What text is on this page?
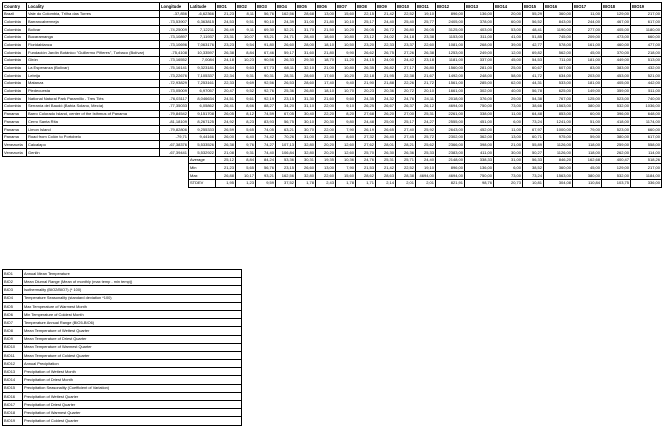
Country	Locality	Longitude	Latitude	BIO1	BIO2	BIO3	BIO4	BIO5	BIO6	BIO7	BIO8	BIO9	BIO10	BIO11	BIO12	BIO13	BIO14	BIO15	BIO16	BIO17	BIO18	BIO19
Brazil	Vale do Colombia, Trilha das Torres	-37,856	-6,62366	21,23	8,11	56,76	162,56	28,68	13,00	15,60	22,15	21,42	22,52	19,10	896,00	136,00	20,00	55,29	360,00	11,00	129,00	217,00
Colombia	Barrancabermeja	-73,53907	6,363815	24,53	9,51	90,10	24,39	31,00	21,80	10,10	25,17	24,40	25,40	25,77	2405,00	378,00	60,00	56,52	843,00	244,00	467,00	617,00
Colombia	Bolívar	-74,25009	7,12211	26,49	9,11	69,30	52,21	31,70	21,50	10,20	26,05	26,72	26,80	26,05	3125,00	403,00	53,00	48,41	1190,00	277,00	405,00	1180,00
Colombia	Bucaramanga	-73,10897	7,11937	23,31	10,07	93,21	24,71	28,40	18,60	10,80	23,12	24,02	24,18	23,38	1153,00	311,00	41,00	51,85	745,00	209,00	473,00	660,00
Colombia	Floridablanca	-73,10696	7,063176	23,23	9,54	91,80	26,60	28,00	18,10	10,50	23,20	22,33	23,37	22,60	1081,00	268,00	39,00	42,77	578,00	161,00	460,00	477,00
Colombia	Fundación Jardín Botánico "Guillermo Piñeres", Turbaco (Bolívar)	-75,4108	10,33597	26,38	8,84	67,46	59,17	31,60	21,80	9,90	26,62	26,75	27,26	26,38	1253,00	249,00	12,00	69,82	562,00	45,00	370,00	218,00
Colombia	Girón	-73,16552	7,0084	24,18	10,23	90,56	26,33	29,30	18,70	11,20	24,15	24,00	24,42	23,18	1181,00	337,00	45,00	54,53	711,00	181,00	449,00	513,00
Colombia	La Esperanza (Bolívar)	-75,16141	9,323181	26,64	9,63	67,73	68,11	32,10	21,00	10,80	26,35	26,82	27,17	26,80	1560,00	281,00	25,00	60,67	607,00	83,00	383,00	432,00
Colombia	Lebrija	-73,22676	7,105337	22,34	9,31	90,31	28,31	28,60	17,60	10,20	22,18	21,95	22,38	21,67	1492,00	248,00	58,00	41,72	634,00	203,00	453,00	521,00
Colombia	Matanza	-72,93829	7,253161	22,33	9,69	92,56	26,53	28,60	17,40	9,40	21,90	21,88	22,26	21,72	1561,00	285,00	62,00	44,31	533,00	181,00	405,00	442,00
Colombia	Piedecuesta	-73,05009	6,97057	20,47	9,52	92,76	25,36	26,80	18,10	10,70	20,23	20,36	20,72	20,10	1661,00	302,00	40,00	56,78	625,00	149,00	359,00	511,00
Colombia	National Natural Park Paramillo - Tres Tiés	-76,03117	8,046634	24,51	9,61	92,19	23,15	31,30	21,60	9,60	24,35	24,32	24,76	24,11	2018,00	376,00	29,00	54,38	767,00	125,00	523,00	740,00
Colombia	Serranía del Baudó (Bahía Solano, Mecía)	-77,35033	6,05862	26,41	8,66	88,27	34,20	31,10	22,00	9,10	26,25	26,67	26,37	26,12	4694,00	750,00	73,00	38,66	1563,00	380,00	532,00	1036,00
Panama	Barro Colorado Island, center of the Isthmus of Panama	-79,84542	9,151708	26,05	8,12	74,59	67,05	30,40	22,20	8,20	27,68	26,20	27,00	25,31	2261,00	338,00	11,00	64,48	853,00	60,00	396,00	648,00
Panama	Cerro Santa Rita	-81,18109	8,267125	24,92	8,23	83,93	56,75	30,10	20,30	9,80	24,48	25,00	25,17	24,27	2555,00	451,00	6,00	73,24	1241,00	51,00	418,00	1174,00
Panama	Limon Island	-79,82806	9,255333	26,59	5,65	74,05	63,21	30,70	22,00	7,90	26,19	26,65	27,40	25,92	2643,00	452,00	11,00	67,97	1000,00	79,00	523,00	660,00
Panama	Road from Colón to Portobelo	-79,71	9,44166	26,00	6,40	74,42	70,26	31,00	22,40	8,60	27,32	26,40	27,45	25,72	2302,00	362,00	13,00	60,71	975,00	59,00	380,00	617,00
Venezuela	Caicalapo	-67,38376	5,533526	26,38	9,76	74,27	107,13	32,80	20,20	12,60	27,62	28,01	28,21	25,62	2366,00	398,00	21,00	55,89	1126,00	118,00	259,00	558,00
Venezuela	Genlin	-67,39441	5,532922	21,08	9,31	74,40	106,84	32,80	20,20	12,60	25,70	26,30	26,36	25,33	2383,00	411,00	30,00	50,27	1126,00	118,00	262,00	114,00
			Average	25,12	8,84	84,24	53,36	30,31	19,35	10,36	24,76	25,31	25,71	24,40	2148,00	338,33	31,00	56,33	846,20	162,68	400,47	518,26
			Min	21,23	5,65	56,76	23,15	26,60	13,00	7,90	21,53	21,42	22,52	19,10	896,00	136,00	6,00	38,52	360,00	45,00	129,00	217,00
			Max	26,88	10,17	93,21	162,56	32,80	22,60	15,60	28,62	28,63	28,38	4694,00	4694,00	750,00	73,00	73,24	1563,00	380,00	532,00	1184,00
			STDEV	1,95	1,23	9,59	37,52	1,78	2,43	1,78	1,71	2,14	2,01	2,01	821,91	98,76	20,73	10,81	304,08	110,84	103,75	336,00
BIO1	Annual Mean Temperature
BIO2	Mean Diurnal Range (Mean of monthly (max temp - min temp))
BIO3	Isothermality (BIO2/BIO7) (* 100)
BIO4	Temperature Seasonality (standard deviation *100)
BIO5	Max Temperature of Warmest Month
BIO6	Min Temperature of Coldest Month
BIO7	Temperature Annual Range (BIO5-BIO6)
BIO8	Mean Temperature of Wettest Quarter
BIO9	Mean Temperature of Driest Quarter
BIO10	Mean Temperature of Warmest Quarter
BIO11	Mean Temperature of Coldest Quarter
BIO12	Annual Precipitation
BIO13	Precipitation of Wettest Month
BIO14	Precipitation of Driest Month
BIO15	Precipitation Seasonality (Coefficient of Variation)
BIO16	Precipitation of Wettest Quarter
BIO17	Precipitation of Driest Quarter
BIO18	Precipitation of Warmest Quarter
BIO19	Precipitation of Coldest Quarter
